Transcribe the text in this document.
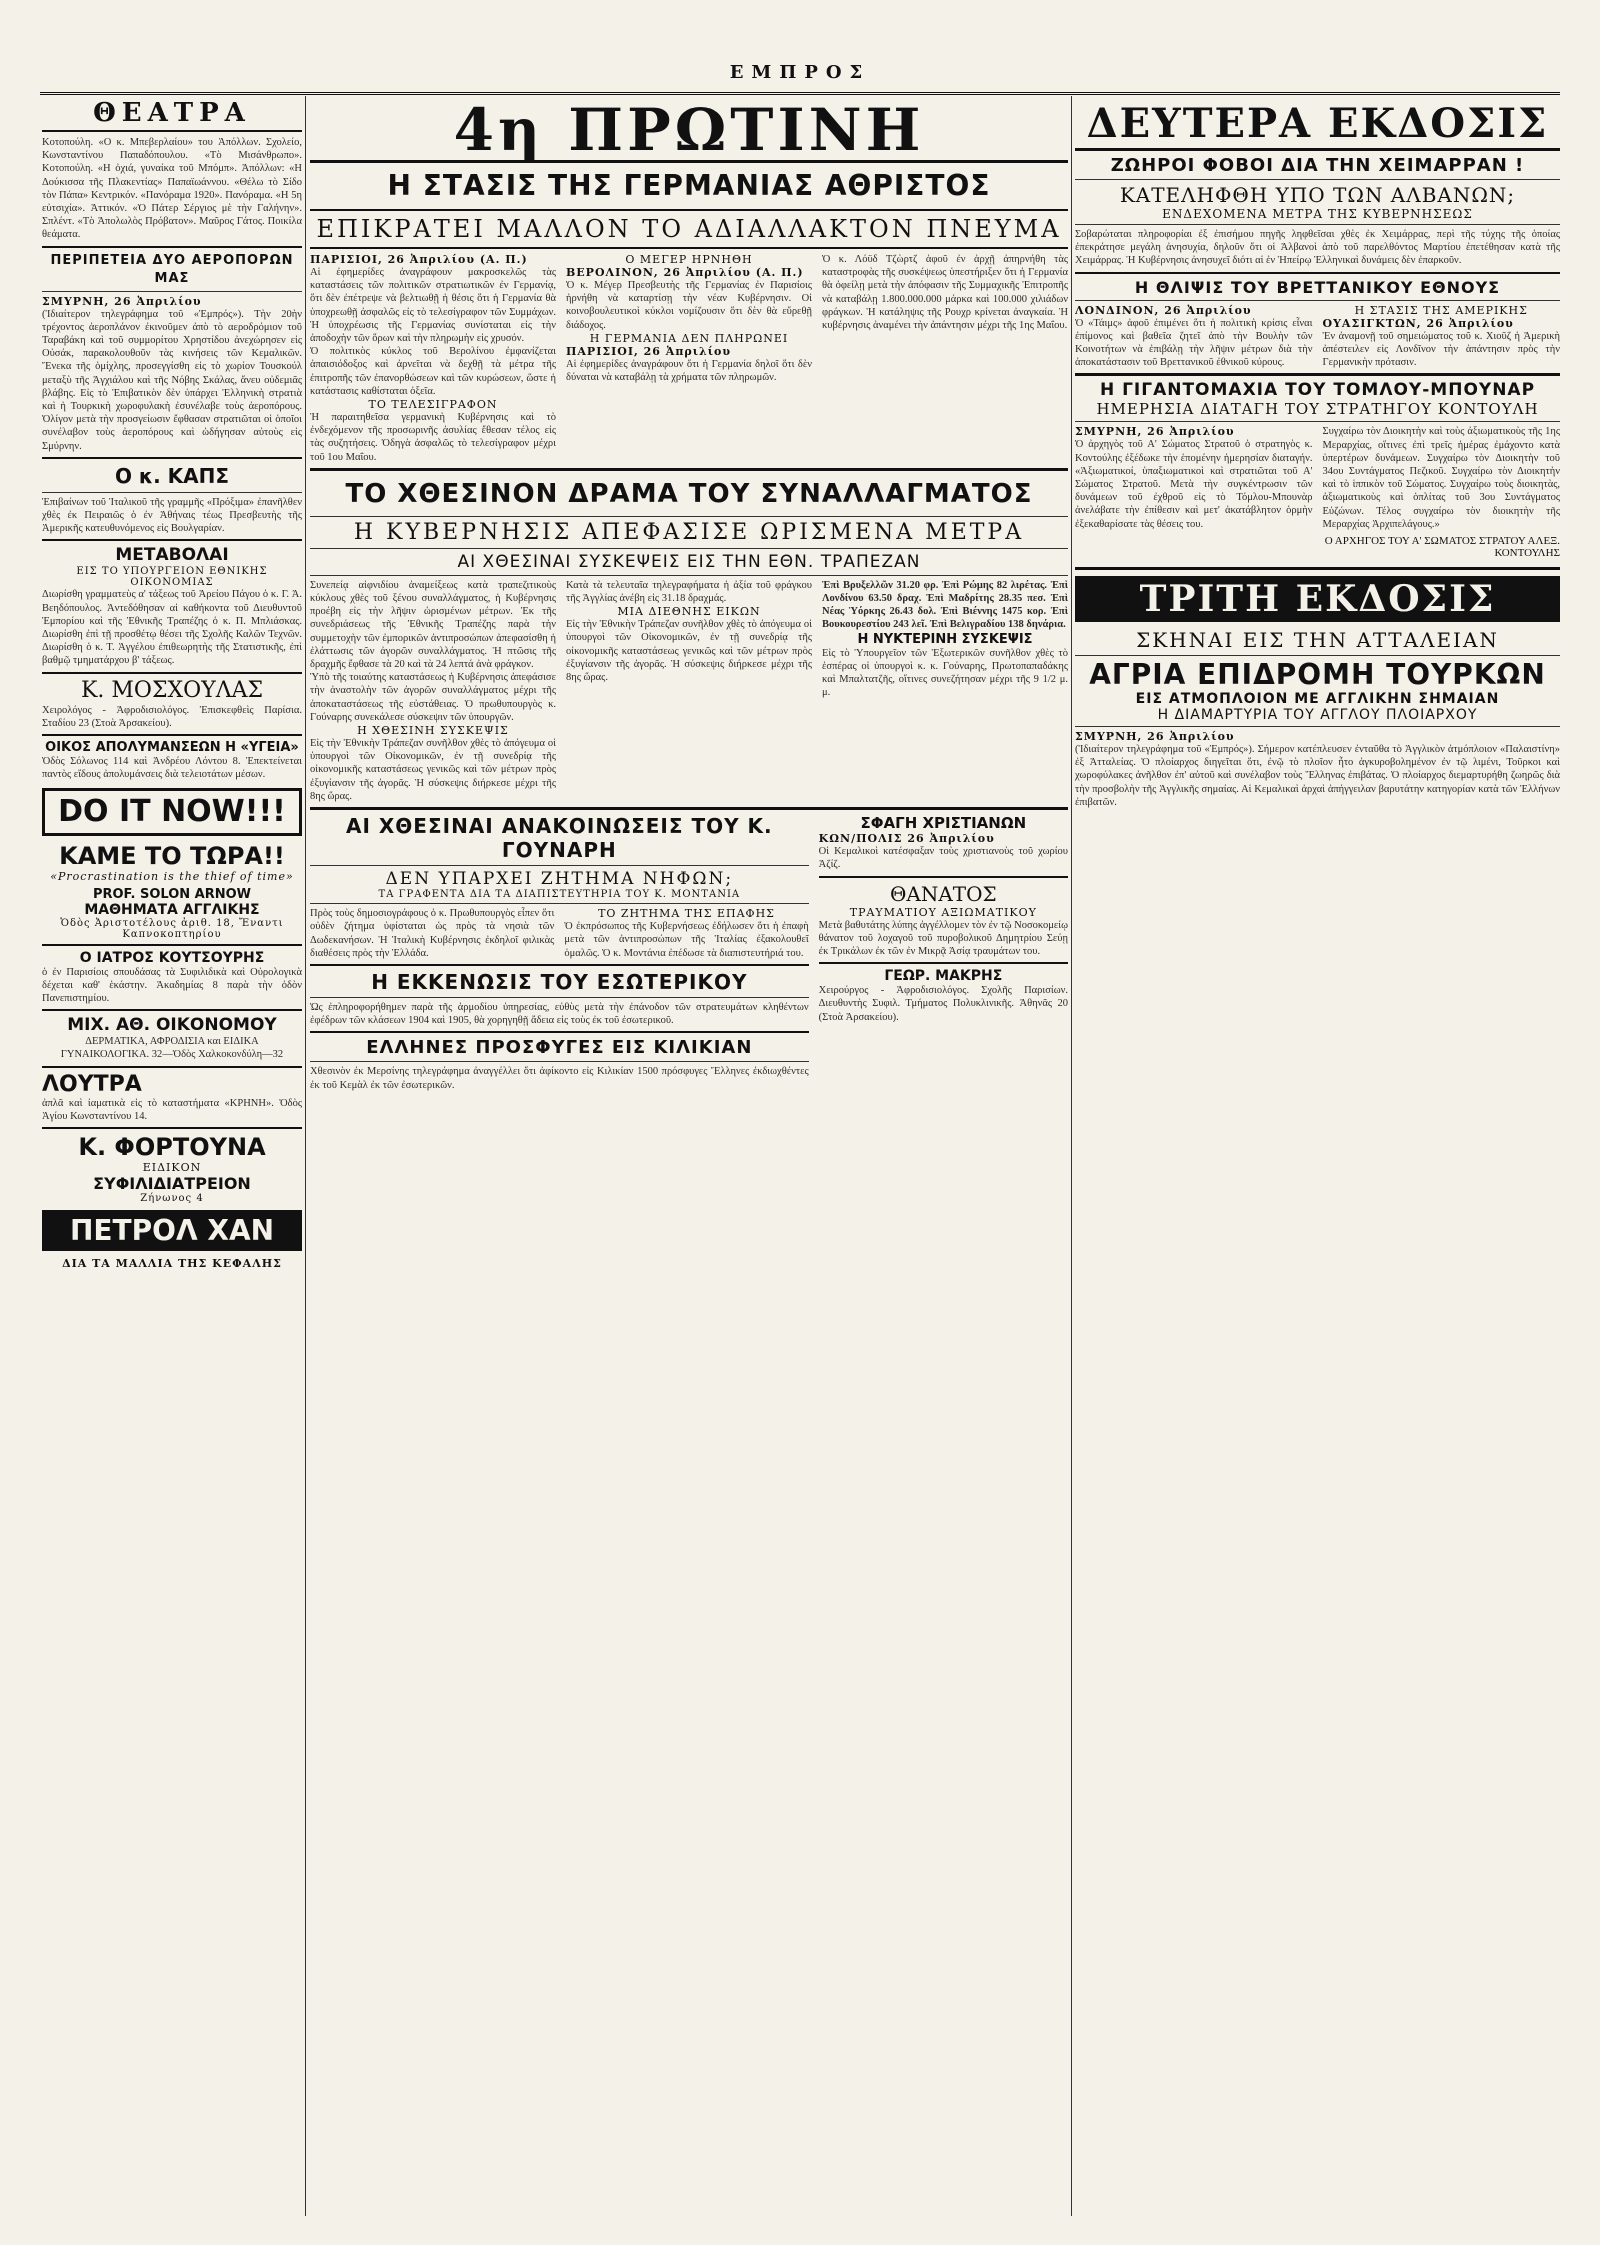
ΕΜΠΡΟΣ
ΘΕΑΤΡΑ

Κοτοπούλη. «Ο κ. Μπεβερλαίου» του Ἀπόλλων. Σχολείο, Κωνσταντίνου Παπαδόπουλου. «Τὸ Μισάνθρωπο». Κοτοπούλη. «Η ὀχιά, γυναίκα τοῦ Μπόμπ». Ἀπόλλων: «Η Δούκισσα τῆς Πλακεντίας» Παπαϊωάννου. «Θέλω τὸ Σίδο τὸν Πάπα» Κεντρικόν. «Πανόραμα 1920». Πανόραμα. «Η 5η εὐτσιχία». Ἀττικόν. «Ὁ Πάτερ Σέργιος μὲ τὴν Γαλήνην». Σπλέντ. «Τὸ Ἀπολωλὸς Πρόβατον». Μαῦρος Γάτος. Ποικίλα θεάματα.

ΠΕΡΙΠΕΤΕΙΑ ΔΥΟ ΑΕΡΟΠΟΡΩΝ ΜΑΣ
ΣΜΥΡΝΗ, 26 Ἀπριλίου

(Ἰδιαίτερον τηλεγράφημα τοῦ «Ἐμπρός»). Τὴν 20ὴν τρέχοντος ἀεροπλάνον ἐκινοῦμεν ἀπὸ τὸ αεροδρόμιον τοῦ Ταραβάκη καὶ τοῦ συμμορίτου Χρηστίδου ἀνεχώρησεν εἰς Οὐσάκ, παρακολουθοῦν τὰς κινήσεις τῶν Κεμαλικῶν. Ἕνεκα τῆς ὁμίχλης, προσεγγίσθη εἰς τὸ χωρίον Τουσκούλ μεταξὺ τῆς Ἀγχιάλου καὶ τῆς Νόβης Σκάλας, ἄνευ οὐδεμιᾶς βλάβης. Εἰς τὸ Ἐπιβατικὸν δὲν ὑπάρχει Ἑλληνικὴ στρατιὰ καὶ ἡ Τουρκικὴ χωροφυλακὴ ἐσυνέλαβε τοὺς ἀεροπόρους. Ὀλίγον μετὰ τὴν προσγείωσιν ἔφθασαν στρατιῶται οἱ ὁποῖοι συνέλαβον τοὺς ἀεροπόρους καὶ ὡδήγησαν αὐτοὺς εἰς Σμύρνην.

Ο κ. ΚΑΠΣ

Ἐπιβαίνων τοῦ Ἰταλικοῦ τῆς γραμμῆς «Πρόξιμα» ἐπανῆλθεν χθὲς ἐκ Πειραιῶς ὁ ἐν Ἀθήναις τέως Πρεσβευτὴς τῆς Ἀμερικῆς κατευθυνόμενος εἰς Βουλγαρίαν.

ΜΕΤΑΒΟΛΑΙ
ΕΙΣ ΤΟ ΥΠΟΥΡΓΕΙΟΝ ΕΘΝΙΚΗΣ ΟΙΚΟΝΟΜΙΑΣ

Διωρίσθη γραμματεὺς α' τάξεως τοῦ Ἀρείου Πάγου ὁ κ. Γ. Ἀ. Βεηδόπουλος. Ἀντεδόθησαν αἱ καθήκοντα τοῦ Διευθυντοῦ Ἐμπορίου καὶ τῆς Ἐθνικῆς Τραπέζης ὁ κ. Π. Μπλιάσκας. Διωρίσθη ἐπὶ τῇ προσθέτῳ θέσει τῆς Σχολῆς Καλῶν Τεχνῶν. Διωρίσθη ὁ κ. Τ. Ἀγγέλου ἐπιθεωρητὴς τῆς Στατιστικῆς, ἐπὶ βαθμῷ τμηματάρχου β' τάξεως.

Κ. ΜΟΣΧΟΥΛΑΣ

Χειρολόγος - Ἀφροδισιολόγος. Ἐπισκεφθεὶς Παρίσια. Σταδίου 23 (Στοὰ Ἀρσακείου).

ΟΙΚΟΣ ΑΠΟΛΥΜΑΝΣΕΩΝ Η «ΥΓΕΙΑ»

Ὁδὸς Σόλωνος 114 καὶ Ἀνδρέου Λόντου 8. Ἐπεκτείνεται παντὸς εἴδους ἀπολυμάνσεις διὰ τελειοτάτων μέσων.

DO IT NOW!!!
ΚΑΜΕ ΤΟ ΤΩΡΑ!!
«Procrastination is the thief of time»
PROF. SOLON ARNOW
ΜΑΘΗΜΑΤΑ ΑΓΓΛΙΚΗΣ
Ὁδὸς Ἀριστοτέλους ἀριθ. 18, Ἔναντι Καπνοκοπτηρίου
Ο ΙΑΤΡΟΣ ΚΟΥΤΣΟΥΡΗΣ

ὁ ἐν Παρισίοις σπουδάσας τὰ Συφιλιδικὰ καὶ Οὐρολογικὰ δέχεται καθ' ἑκάστην. Ἀκαδημίας 8 παρὰ τὴν ὁδὸν Πανεπιστημίου.

ΜΙΧ. ΑΘ. ΟΙΚΟΝΟΜΟΥ

ΔΕΡΜΑΤΙΚΑ, ΑΦΡΟΔΙΣΙΑ και ΕΙΔΙΚΑ ΓΥΝΑΙΚΟΛΟΓΙΚΑ. 32—Ὁδὸς Χαλκοκονδύλη—32

ΛΟΥΤΡΑ

ἀπλᾶ καὶ ἰαματικὰ εἰς τὸ καταστήματα «ΚΡΗΝΗ». Ὁδὸς Ἁγίου Κωνσταντίνου 14.

Κ. ΦΟΡΤΟΥΝΑ
ΕΙΔΙΚΟΝ
ΣΥΦΙΛΙΔΙΑΤΡΕΙΟΝ
Ζήνωνος 4
ΠΕΤΡΟΛ ΧΑΝ
ΔΙΑ ΤΑ ΜΑΛΛΙΑ ΤΗΣ ΚΕΦΑΛΗΣ
4η ΠΡΩΤΙΝΗ
Η ΣΤΑΣΙΣ ΤΗΣ ΓΕΡΜΑΝΙΑΣ ΑΘΡΙΣΤΟΣ
ΕΠΙΚΡΑΤΕΙ ΜΑΛΛΟΝ ΤΟ ΑΔΙΑΛΛΑΚΤΟΝ ΠΝΕΥΜΑ
ΠΑΡΙΣΙΟΙ, 26 Ἀπριλίου (Α. Π.)

Αἱ ἐφημερίδες ἀναγράφουν μακροσκελῶς τὰς καταστάσεις τῶν πολιτικῶν στρατιωτικῶν ἐν Γερμανίᾳ, ὅτι δὲν ἐπέτρεψε νὰ βελτιωθῇ ἡ θέσις ὅτι ἡ Γερμανία θὰ ὑποχρεωθῇ ἀσφαλῶς εἰς τὸ τελεσίγραφον τῶν Συμμάχων. Ἡ ὑποχρέωσις τῆς Γερμανίας συνίσταται εἰς τὴν ἀποδοχὴν τῶν ὅρων καὶ τὴν πληρωμὴν εἰς χρυσόν.

Ὁ πολιτικὸς κύκλος τοῦ Βερολίνου ἐμφανίζεται ἀπαισιόδοξος καὶ ἀρνεῖται νὰ δεχθῇ τὰ μέτρα τῆς ἐπιτροπῆς τῶν ἐπανορθώσεων καὶ τῶν κυρώσεων, ὥστε ἡ κατάστασις καθίσταται ὀξεῖα.

ΤΟ ΤΕΛΕΣΙΓΡΑΦΟΝ

Ἡ παραιτηθεῖσα γερμανικὴ Κυβέρνησις καὶ τὸ ἐνδεχόμενον τῆς προσωρινῆς ἀσυλίας ἔθεσαν τέλος εἰς τὰς συζητήσεις. Ὀδηγὰ ἀσφαλῶς τὸ τελεσίγραφον μέχρι τοῦ 1ου Μαΐου.

Ο ΜΕΓΕΡ ΗΡΝΗΘΗ
ΒΕΡΟΛΙΝΟΝ, 26 Ἀπριλίου (Α. Π.)

Ὁ κ. Μέγερ Πρεσβευτὴς τῆς Γερμανίας ἐν Παρισίοις ἠρνήθη νὰ καταρτίσῃ τὴν νέαν Κυβέρνησιν. Οἱ κοινοβουλευτικοὶ κύκλοι νομίζουσιν ὅτι δὲν θὰ εὕρεθῇ διάδοχος.

Η ΓΕΡΜΑΝΙΑ ΔΕΝ ΠΛΗΡΩΝΕΙ
ΠΑΡΙΣΙΟΙ, 26 Ἀπριλίου

Αἱ ἐφημερίδες ἀναγράφουν ὅτι ἡ Γερμανία δηλοῖ ὅτι δὲν δύναται νὰ καταβάλῃ τὰ χρήματα τῶν πληρωμῶν.

Ὁ κ. Λόϋδ Τζὼρτζ ἀφοῦ ἐν ἀρχῇ ἀπηρνήθη τὰς καταστροφὰς τῆς συσκέψεως ὑπεστήριξεν ὅτι ἡ Γερμανία θὰ ὀφείλῃ μετὰ τὴν ἀπόφασιν τῆς Συμμαχικῆς Ἐπιτροπῆς νὰ καταβάλῃ 1.800.000.000 μάρκα καὶ 100.000 χιλιάδων φράγκων. Ἡ κατάληψις τῆς Ρουχρ κρίνεται ἀναγκαία. Ἡ κυβέρνησις ἀναμένει τὴν ἀπάντησιν μέχρι τῆς 1ης Μαΐου.

ΤΟ ΧΘΕΣΙΝΟΝ ΔΡΑΜΑ ΤΟΥ ΣΥΝΑΛΛΑΓΜΑΤΟΣ
Η ΚΥΒΕΡΝΗΣΙΣ ΑΠΕΦΑΣΙΣΕ ΩΡΙΣΜΕΝΑ ΜΕΤΡΑ
ΑΙ ΧΘΕΣΙΝΑΙ ΣΥΣΚΕΨΕΙΣ ΕΙΣ ΤΗΝ ΕΘΝ. ΤΡΑΠΕΖΑΝ

Συνεπείᾳ αἰφνιδίου ἀναμείξεως κατὰ τραπεζιτικοὺς κύκλους χθὲς τοῦ ξένου συναλλάγματος, ἡ Κυβέρνησις προέβη εἰς τὴν λῆψιν ὡρισμένων μέτρων. Ἐκ τῆς συνεδριάσεως τῆς Ἐθνικῆς Τραπέζης παρὰ τὴν συμμετοχὴν τῶν ἐμπορικῶν ἀντιπροσώπων ἀπεφασίσθη ἡ ἐλάττωσις τῶν ἀγορῶν συναλλάγματος. Ἡ πτῶσις τῆς δραχμῆς ἔφθασε τὰ 20 καὶ τὰ 24 λεπτά ἀνὰ φράγκον.

Ὑπὸ τῆς τοιαύτης καταστάσεως ἡ Κυβέρνησις ἀπεφάσισε τὴν ἀναστολὴν τῶν ἀγορῶν συναλλάγματος μέχρι τῆς ἀποκαταστάσεως τῆς εὐστάθειας. Ὁ πρωθυπουργὸς κ. Γούναρης συνεκάλεσε σύσκεψιν τῶν ὑπουργῶν.

Η ΧΘΕΣΙΝΗ ΣΥΣΚΕΨΙΣ

Εἰς τὴν Ἐθνικὴν Τράπεζαν συνῆλθον χθὲς τὸ ἀπόγευμα οἱ ὑπουργοὶ τῶν Οἰκονομικῶν, ἐν τῇ συνεδρίᾳ τῆς οἰκονομικῆς καταστάσεως γενικῶς καὶ τῶν μέτρων πρὸς ἐξυγίανσιν τῆς ἀγορᾶς. Ἡ σύσκεψις διήρκεσε μέχρι τῆς 8ης ὥρας.

Κατὰ τὰ τελευταῖα τηλεγραφήματα ἡ ἀξία τοῦ φράγκου τῆς Ἀγγλίας ἀνέβη εἰς 31.18 δραχμάς.

ΜΙΑ ΔΙΕΘΝΗΣ ΕΙΚΩΝ

Εἰς τὴν Ἐθνικὴν Τράπεζαν συνῆλθον χθὲς τὸ ἀπόγευμα οἱ ὑπουργοὶ τῶν Οἰκονομικῶν, ἐν τῇ συνεδρίᾳ τῆς οἰκονομικῆς καταστάσεως γενικῶς καὶ τῶν μέτρων πρὸς ἐξυγίανσιν τῆς ἀγορᾶς. Ἡ σύσκεψις διήρκεσε μέχρι τῆς 8ης ὥρας.

Ἐπὶ Βρυξελλῶν 31.20 φρ. Ἐπὶ Ρώμης 82 λιρέτας. Ἐπὶ Λονδίνου 63.50 δραχ. Ἐπὶ Μαδρίτης 28.35 πεσ. Ἐπὶ Νέας Ὑόρκης 26.43 δολ. Ἐπὶ Βιέννης 1475 κορ. Ἐπὶ Βουκουρεστίου 243 λεῖ. Ἐπὶ Βελιγραδίου 138 δηνάρια.

Η ΝΥΚΤΕΡΙΝΗ ΣΥΣΚΕΨΙΣ

Εἰς τὸ Ὑπουργεῖον τῶν Ἐξωτερικῶν συνῆλθον χθὲς τὸ ἑσπέρας οἱ ὑπουργοὶ κ. κ. Γούναρης, Πρωτοπαπαδάκης καὶ Μπαλτατζῆς, οἵτινες συνεζήτησαν μέχρι τῆς 9 1/2 μ. μ.

ΑΙ ΧΘΕΣΙΝΑΙ ΑΝΑΚΟΙΝΩΣΕΙΣ ΤΟΥ Κ. ΓΟΥΝΑΡΗ
ΔΕΝ ΥΠΑΡΧΕΙ ΖΗΤΗΜΑ ΝΗΦΩΝ;
ΤΑ ΓΡΑΦΕΝΤΑ ΔΙΑ ΤΑ ΔΙΑΠΙΣΤΕΥΤΗΡΙΑ ΤΟΥ Κ. ΜΟΝΤΑΝΙΑ

Πρὸς τοὺς δημοσιογράφους ὁ κ. Πρωθυπουργὸς εἶπεν ὅτι οὐδὲν ζήτημα ὑφίσταται ὡς πρὸς τὰ νησιὰ τῶν Δωδεκανήσων. Ἡ Ἰταλικὴ Κυβέρνησις ἐκδηλοῖ φιλικὰς διαθέσεις πρὸς τὴν Ἑλλάδα.

ΤΟ ΖΗΤΗΜΑ ΤΗΣ ΕΠΑΦΗΣ

Ὁ ἐκπρόσωπος τῆς Κυβερνήσεως ἐδήλωσεν ὅτι ἡ ἐπαφὴ μετὰ τῶν ἀντιπροσώπων τῆς Ἰταλίας ἐξακολουθεῖ ὁμαλῶς. Ὁ κ. Μοντάνια ἐπέδωσε τὰ διαπιστευτήριά του.

Η ΕΚΚΕΝΩΣΙΣ ΤΟΥ ΕΣΩΤΕΡΙΚΟΥ

Ὡς ἐπληροφορήθημεν παρὰ τῆς ἁρμοδίου ὑπηρεσίας, εὐθὺς μετὰ τὴν ἐπάνοδον τῶν στρατευμάτων κληθέντων ἐφέδρων τῶν κλάσεων 1904 καὶ 1905, θὰ χορηγηθῇ ἄδεια εἰς τοὺς ἐκ τοῦ ἐσωτερικοῦ.

ΕΛΛΗΝΕΣ ΠΡΟΣΦΥΓΕΣ ΕΙΣ ΚΙΛΙΚΙΑΝ

Χθεσινὸν ἐκ Μερσίνης τηλεγράφημα ἀναγγέλλει ὅτι ἀφίκοντο εἰς Κιλικίαν 1500 πρόσφυγες Ἕλληνες ἐκδιωχθέντες ἐκ τοῦ Κεμὰλ ἐκ τῶν ἐσωτερικῶν.

ΣΦΑΓΗ ΧΡΙΣΤΙΑΝΩΝ
ΚΩΝ/ΠΟΛΙΣ 26 Ἀπριλίου

Οἱ Κεμαλικοὶ κατέσφαξαν τοὺς χριστιανοὺς τοῦ χωρίου Ἀζίζ.

ΘΑΝΑΤΟΣ
ΤΡΑΥΜΑΤΙΟΥ ΑΞΙΩΜΑΤΙΚΟΥ

Μετὰ βαθυτάτης λύπης ἀγγέλλομεν τὸν ἐν τῷ Νοσοκομείῳ θάνατον τοῦ λοχαγοῦ τοῦ πυροβολικοῦ Δημητρίου Σεύῃ ἐκ Τρικάλων ἐκ τῶν ἐν Μικρᾷ Ἀσίᾳ τραυμάτων του.

ΓΕΩΡ. ΜΑΚΡΗΣ

Χειρούργος - Ἀφροδισιολόγος. Σχολῆς Παρισίων. Διευθυντὴς Συφιλ. Τμήματος Πολυκλινικῆς. Ἀθηνᾶς 20 (Στοὰ Ἀρσακείου).

ΔΕΥΤΕΡΑ ΕΚΔΟΣΙΣ
ΖΩΗΡΟΙ ΦΟΒΟΙ ΔΙΑ ΤΗΝ ΧΕΙΜΑΡΡΑΝ !
ΚΑΤΕΛΗΦΘΗ ΥΠΟ ΤΩΝ ΑΛΒΑΝΩΝ;
ΕΝΔΕΧΟΜΕΝΑ ΜΕΤΡΑ ΤΗΣ ΚΥΒΕΡΝΗΣΕΩΣ

Σοβαρώταται πληροφορίαι ἐξ ἐπισήμου πηγῆς ληφθεῖσαι χθὲς ἐκ Χειμάρρας, περὶ τῆς τύχης τῆς ὁποίας ἐπεκράτησε μεγάλη ἀνησυχία, δηλοῦν ὅτι οἱ Ἀλβανοὶ ἀπὸ τοῦ παρελθόντος Μαρτίου ἐπετέθησαν κατὰ τῆς Χειμάρρας. Ἡ Κυβέρνησις ἀνησυχεῖ διότι αἱ ἐν Ἠπείρῳ Ἑλληνικαὶ δυνάμεις δὲν ἐπαρκοῦν.

Η ΘΛΙΨΙΣ ΤΟΥ ΒΡΕΤΤΑΝΙΚΟΥ ΕΘΝΟΥΣ
ΛΟΝΔΙΝΟΝ, 26 Ἀπριλίου

Ὁ «Τάιμς» ἀφοῦ ἐπιμένει ὅτι ἡ πολιτικὴ κρίσις εἶναι ἐπίμονος καὶ βαθεῖα ζητεῖ ἀπὸ τὴν Βουλὴν τῶν Κοινοτήτων νὰ ἐπιβάλῃ τὴν λῆψιν μέτρων διὰ τὴν ἀποκατάστασιν τοῦ Βρεττανικοῦ ἐθνικοῦ κύρους.

Η ΣΤΑΣΙΣ ΤΗΣ ΑΜΕΡΙΚΗΣ
ΟΥΑΣΙΓΚΤΩΝ, 26 Ἀπριλίου

Ἐν ἀναμονῇ τοῦ σημειώματος τοῦ κ. Χιοῦζ ἡ Ἀμερικὴ ἀπέστειλεν εἰς Λονδῖνον τὴν ἀπάντησιν πρὸς τὴν Γερμανικὴν πρότασιν.

Η ΓΙΓΑΝΤΟΜΑΧΙΑ ΤΟΥ ΤΟΜΛΟΥ-ΜΠΟΥΝΑΡ
ΗΜΕΡΗΣΙΑ ΔΙΑΤΑΓΗ ΤΟΥ ΣΤΡΑΤΗΓΟΥ ΚΟΝΤΟΥΛΗ
ΣΜΥΡΝΗ, 26 Ἀπριλίου

Ὁ ἀρχηγὸς τοῦ Α' Σώματος Στρατοῦ ὁ στρατηγὸς κ. Κοντούλης ἐξέδωκε τὴν ἑπομένην ἡμερησίαν διαταγήν. «Ἀξιωματικοί, ὑπαξιωματικοὶ καὶ στρατιῶται τοῦ Α' Σώματος Στρατοῦ. Μετὰ τὴν συγκέντρωσιν τῶν δυνάμεων τοῦ ἐχθροῦ εἰς τὸ Τόμλου-Μπουνὰρ ἀνελάβατε τὴν ἐπίθεσιν καὶ μετ' ἀκατάβλητον ὁρμὴν ἐξεκαθαρίσατε τὰς θέσεις του.

Συγχαίρω τὸν Διοικητὴν καὶ τοὺς ἀξιωματικοὺς τῆς 1ης Μεραρχίας, οἵτινες ἐπὶ τρεῖς ἡμέρας ἐμάχοντο κατὰ ὑπερτέρων δυνάμεων. Συγχαίρω τὸν Διοικητὴν τοῦ 34ου Συντάγματος Πεζικοῦ. Συγχαίρω τὸν Διοικητὴν καὶ τὸ ἱππικὸν τοῦ Σώματος. Συγχαίρω τοὺς διοικητὰς, ἀξιωματικοὺς καὶ ὁπλίτας τοῦ 3ου Συντάγματος Εὐζώνων. Τέλος συγχαίρω τὸν διοικητὴν τῆς Μεραρχίας Ἀρχιπελάγους.»

Ο ΑΡΧΗΓΟΣ ΤΟΥ Α' ΣΩΜΑΤΟΣ ΣΤΡΑΤΟΥ ΑΛΕΞ. ΚΟΝΤΟΥΛΗΣ
ΤΡΙΤΗ ΕΚΔΟΣΙΣ
ΣΚΗΝΑΙ ΕΙΣ ΤΗΝ ΑΤΤΑΛΕΙΑΝ
ΑΓΡΙΑ ΕΠΙΔΡΟΜΗ ΤΟΥΡΚΩΝ
ΕΙΣ ΑΤΜΟΠΛΟΙΟΝ ΜΕ ΑΓΓΛΙΚΗΝ ΣΗΜΑΙΑΝ
Η ΔΙΑΜΑΡΤΥΡΙΑ ΤΟΥ ΑΓΓΛΟΥ ΠΛΟΙΑΡΧΟΥ
ΣΜΥΡΝΗ, 26 Ἀπριλίου

(Ἰδιαίτερον τηλεγράφημα τοῦ «Ἐμπρός»). Σήμερον κατέπλευσεν ἐνταῦθα τὸ Ἀγγλικὸν ἀτμόπλοιον «Παλαιστίνη» ἐξ Ἀτταλείας. Ὁ πλοίαρχος διηγεῖται ὅτι, ἐνῷ τὸ πλοῖον ἦτο ἀγκυροβολημένον ἐν τῷ λιμένι, Τοῦρκοι καὶ χωροφύλακες ἀνῆλθον ἐπ' αὐτοῦ καὶ συνέλαβον τοὺς Ἕλληνας ἐπιβάτας. Ὁ πλοίαρχος διεμαρτυρήθη ζωηρῶς διὰ τὴν προσβολὴν τῆς Ἀγγλικῆς σημαίας. Αἱ Κεμαλικαὶ ἀρχαὶ ἀπήγγειλαν βαρυτάτην κατηγορίαν κατὰ τῶν Ἑλλήνων ἐπιβατῶν.
